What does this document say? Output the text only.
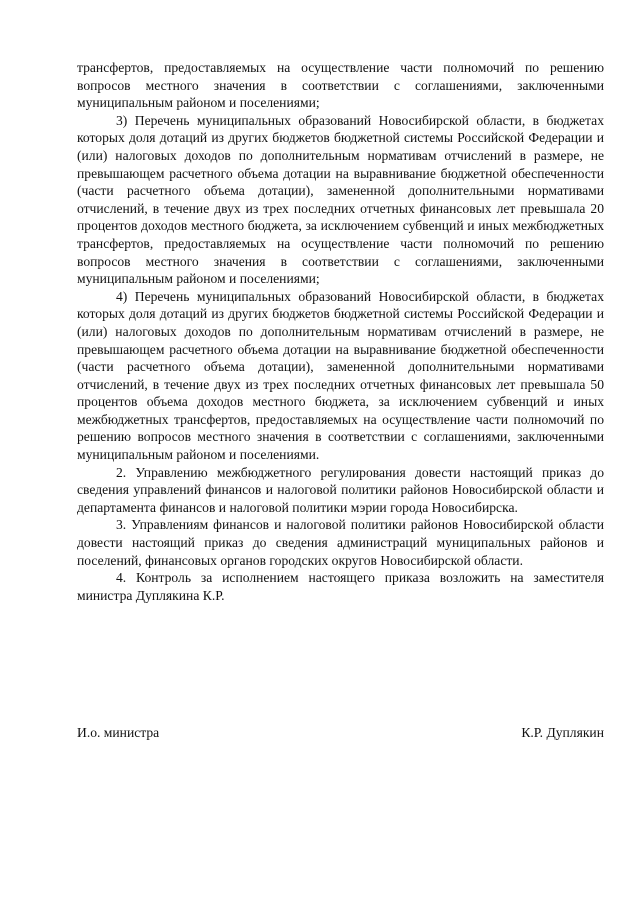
трансфертов, предоставляемых на осуществление части полномочий по решению вопросов местного значения в соответствии с соглашениями, заключенными муниципальным районом и поселениями;

3) Перечень муниципальных образований Новосибирской области, в бюджетах которых доля дотаций из других бюджетов бюджетной системы Российской Федерации и (или) налоговых доходов по дополнительным нормативам отчислений в размере, не превышающем расчетного объема дотации на выравнивание бюджетной обеспеченности (части расчетного объема дотации), замененной дополнительными нормативами отчислений, в течение двух из трех последних отчетных финансовых лет превышала 20 процентов доходов местного бюджета, за исключением субвенций и иных межбюджетных трансфертов, предоставляемых на осуществление части полномочий по решению вопросов местного значения в соответствии с соглашениями, заключенными муниципальным районом и поселениями;

4) Перечень муниципальных образований Новосибирской области, в бюджетах которых доля дотаций из других бюджетов бюджетной системы Российской Федерации и (или) налоговых доходов по дополнительным нормативам отчислений в размере, не превышающем расчетного объема дотации на выравнивание бюджетной обеспеченности (части расчетного объема дотации), замененной дополнительными нормативами отчислений, в течение двух из трех последних отчетных финансовых лет превышала 50 процентов объема доходов местного бюджета, за исключением субвенций и иных межбюджетных трансфертов, предоставляемых на осуществление части полномочий по решению вопросов местного значения в соответствии с соглашениями, заключенными муниципальным районом и поселениями.

2. Управлению межбюджетного регулирования довести настоящий приказ до сведения управлений финансов и налоговой политики районов Новосибирской области и департамента финансов и налоговой политики мэрии города Новосибирска.

3. Управлениям финансов и налоговой политики районов Новосибирской области довести настоящий приказ до сведения администраций муниципальных районов и поселений, финансовых органов городских округов Новосибирской области.

4. Контроль за исполнением настоящего приказа возложить на заместителя министра Дуплякина К.Р.

И.о. министра	К.Р. Дуплякин
